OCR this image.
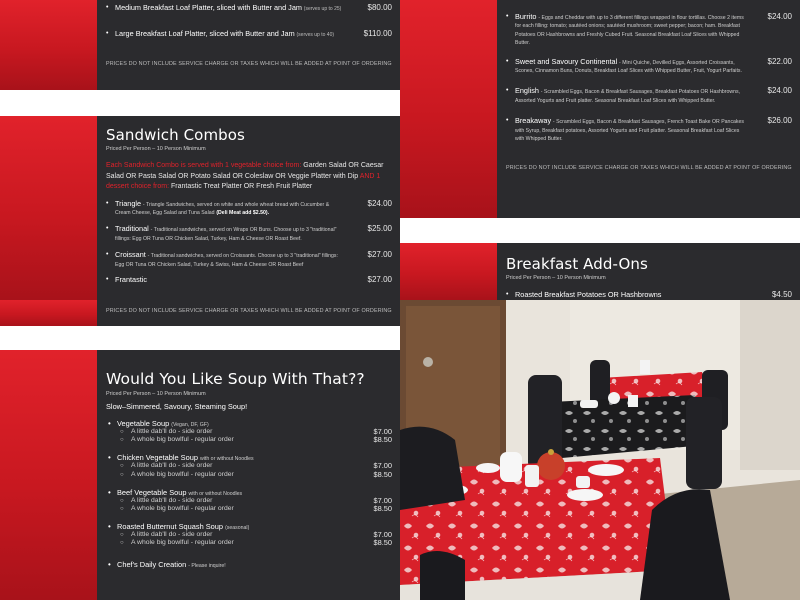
• Medium Breakfast Loaf Platter, sliced with Butter and Jam (serves up to 25)	$80.00
• Large Breakfast Loaf Platter, sliced with Butter and Jam (serves up to 40)	$110.00
PRICES DO NOT INCLUDE SERVICE CHARGE OR TAXES WHICH WILL BE ADDED AT POINT OF ORDERING
Sandwich Combos
Priced Per Person – 10 Person Minimum
Each Sandwich Combo is served with 1 vegetable choice from: Garden Salad OR Caesar Salad OR Pasta Salad OR Potato Salad OR Coleslaw OR Veggie Platter with Dip AND 1 dessert choice from: Frantastic Treat Platter OR Fresh Fruit Platter
• Triangle - Triangle Sandwiches, served on white and whole wheat bread with Cucumber & Cream Cheese, Egg Salad and Tuna Salad (Deli Meat add $2.50).
$24.00
• Traditional - Traditional sandwiches, served on Wraps OR Buns. Choose up to 3 "traditional" fillings: Egg OR Tuna OR Chicken Salad, Turkey, Ham & Cheese OR Roast Beef.
$25.00
• Croissant - Traditional sandwiches, served on Croissants. Choose up to 3 "traditional" fillings: Egg OR Tuna OR Chicken Salad, Turkey & Swiss, Ham & Cheese OR Roast Beef
$27.00
• Frantastic	$27.00
• Burrito - Eggs and Cheddar with up to 3 different fillings wrapped in flour tortillas. Choose 2 items for each filling: tomato; sautéed onions; sautéed mushroom; sweet pepper; bacon; ham. Breakfast Potatoes OR Hashbrowns and Freshly Cubed Fruit. Seasonal Breakfast Loaf Slices with Whipped Butter.
$24.00
• Sweet and Savoury Continental - Mini Quiche, Devilled Eggs, Assorted Croissants, Scones, Cinnamon Buns, Donuts, Breakfast Loaf Slices with Whipped Butter, Fruit, Yogurt Parfaits.
$22.00
• English - Scrambled Eggs, Bacon & Breakfast Sausages, Breakfast Potatoes OR Hashbrowns, Assorted Yogurts and Fruit platter. Seasonal Breakfast Loaf Slices with Whipped Butter.
$24.00
• Breakaway - Scrambled Eggs, Bacon & Breakfast Sausages, French Toast Bake OR Pancakes with Syrup, Breakfast potatoes, Assorted Yogurts and Fruit platter. Seasonal Breakfast Loaf Slices with Whipped Butter.
$26.00
PRICES DO NOT INCLUDE SERVICE CHARGE OR TAXES WHICH WILL BE ADDED AT POINT OF ORDERING
Breakfast Add-Ons
Priced Per Person – 10 Person Minimum
• Roasted Breakfast Potatoes OR Hashbrowns	$4.50
PRICES DO NOT INCLUDE SERVICE CHARGE OR TAXES WHICH WILL BE ADDED AT POINT OF ORDERING
Would You Like Soup With That??
Priced Per Person – 10 Person Minimum
Slow–Simmered, Savoury, Steaming Soup!
• Vegetable Soup (Vegan, DF, GF)
○ A little dab'll do - side order	$7.00
○ A whole big bowlful - regular order	$8.50
• Chicken Vegetable Soup with or without Noodles
○ A little dab'll do - side order	$7.00
○ A whole big bowlful - regular order	$8.50
• Beef Vegetable Soup with or without Noodles
○ A little dab'll do - side order	$7.00
○ A whole big bowlful - regular order	$8.50
• Roasted Butternut Squash Soup (seasonal)
○ A little dab'll do - side order	$7.00
○ A whole big bowlful - regular order	$8.50
• Chef's Daily Creation - Please inquire!
